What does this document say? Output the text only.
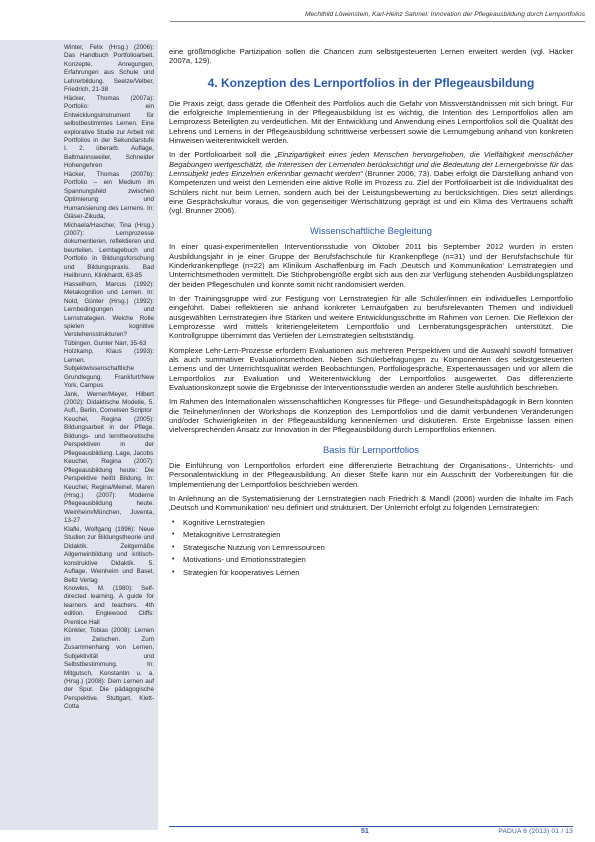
Mechthild Löwenstein, Karl-Heinz Sahmel: Innovation der Pflegeausbildung durch Lernportfolios

Winter, Felix (Hrsg.) (2006): Das Handbuch Portfolioarbeit. Konzepte, Anregungen, Erfahrungen aus Schule und Lehrerbildung. Seelze/Velber, Friedrich, 21-38

Häcker, Thomas (2007a): Portfolio: ein Entwicklungsinstrument für selbstbestimmtes Lernen. Eine explorative Studie zur Arbeit mit Portfolios in der Sekundarstufe I. 2. überarb. Auflage, Baltmannsweiler, Schneider Hohengehren

Häcker, Thomas (2007b): Portfolio – ein Medium im Spannungsfeld zwischen Optimierung und Humanisierung des Lernens. In: Gläser-Zikuda, Michaela/Hascher, Tina (Hrsg.) (2007): Lernprozesse dokumentieren, reflektieren und beurteilen. Lerntagebuch und Portfolio in Bildungsforschung und Bildungspraxis. Bad Heilbrunn, Klinkhardt, 63-85

Hasselhorn, Marcus (1992): Metakognition und Lernen. In: Nold, Günter (Hrsg.) (1992): Lernbedingungen und Lernstrategien. Welche Rolle spielen kognitive Verstehensstrukturen? Tübingen, Gunter Narr, 35-63

Holzkamp, Klaus (1993): Lernen. Subjektwissenschaftliche Grundlegung. Frankfurt/New York, Campus

Jank, Werner/Meyer, Hilbert (2002): Didaktische Modelle, 5. Aufl., Berlin, Cornelsen Scriptor

Keuchel, Regina (2005): Bildungsarbeit in der Pflege. Bildungs- und lerntheoretische Perspektiven in der Pflegeausbildung. Lage, Jacobs

Keuchel, Regina (2007): Pflegeausbildung heute: Die Perspektive heißt Bildung. In: Keuchel, Regina/Meinel, Maren (Hrsg.) (2007): Moderne Pflegeausbildung heute. Weinheim/München, Juventa, 13-27

Klafki, Wolfgang (1996): Neue Studien zur Bildungstheorie und Didaktik. Zeitgemäße Allgemeinbildung und kritisch-konstruktive Didaktik. 5. Auflage, Weinheim und Basel, Beltz Verlag

Knowles, M. (1980): Self-directed learning. A guide for learners and teachers. 4th edition. Englewood Cliffs: Prentice Hall

Künkler, Tobias (2008): Lernen im Zwischen. Zum Zusammenhang von Lernen, Subjektivität und Selbstbestimmung. In: Mitgutsch, Konstantin u. a. (Hrsg.) (2008): Dem Lernen auf der Spur. Die pädagogische Perspektive. Stuttgart, Klett-Cotta

eine größtmögliche Partizipation sollen die Chancen zum selbstgesteuerten Lernen erweitert werden (vgl. Häcker 2007a, 129).

4. Konzeption des Lernportfolios in der Pflegeausbildung

Die Praxis zeigt, dass gerade die Offenheit des Portfolios auch die Gefahr von Missverständnissen mit sich bringt. Für die erfolgreiche Implementierung in der Pflegeausbildung ist es wichtig, die Intention des Lernportfolios allen am Lernprozess Beteiligten zu verdeutlichen. Mit der Entwicklung und Anwendung eines Lernportfolios soll die Qualität des Lehrens und Lernens in der Pflegeausbildung schrittweise verbessert sowie die Lernumgebung anhand von konkreten Hinweisen weiterentwickelt werden.

In der Portfolioarbeit soll die „Einzigartigkeit eines jeden Menschen hervorgehoben, die Vielfältigkeit menschlicher Begabungen wertgeschätzt, die Interessen der Lernenden berücksichtigt und die Bedeutung der Lernergebnisse für das Lernsubjekt jedes Einzelnen erkennbar gemacht werden“ (Brunner 2006, 73). Dabei erfolgt die Darstellung anhand von Kompetenzen und weist den Lernenden eine aktive Rolle im Prozess zu. Ziel der Portfolioarbeit ist die Individualität des Schülers nicht nur beim Lernen, sondern auch bei der Leistungsbewertung zu berücksichtigen. Dies setzt allerdings eine Gesprächskultur voraus, die von gegenseitiger Wertschätzung geprägt ist und ein Klima des Vertrauens schafft (vgl. Brunner 2006).

Wissenschaftliche Begleitung

In einer quasi-experimentellen Interventionsstudie von Oktober 2011 bis September 2012 wurden in ersten Ausbildungsjahr in je einer Gruppe der Berufsfachschule für Krankenpflege (n=31) und der Berufsfachschule für Kinderkrankenpflege (n=22) am Klinikum Aschaffenburg im Fach ‚Deutsch und Kommunikation‘ Lernstrategien und Unterrichtsmethoden vermittelt. Die Stichprobengröße ergibt sich aus den zur Verfügung stehenden Ausbildungsplätzen der beiden Pflegeschulen und konnte somit nicht randomisiert werden.

In der Trainingsgruppe wird zur Festigung von Lernstrategien für alle Schüler/innen ein individuelles Lernportfolio eingeführt. Dabei reflektieren sie anhand konkreter Lernaufgaben zu berufsrelevanten Themen und individuell ausgewählten Lernstrategien ihre Stärken und weitere Entwicklungsschritte im Rahmen von Lernen. Die Reflexion der Lernprozesse wird mittels kriteriengeleitetem Lernportfolio und Lernberatungsgesprächen unterstützt. Die Kontrollgruppe übernimmt das Vertiefen der Lernstrategien selbstständig.

Komplexe Lehr-Lern-Prozesse erfordern Evaluationen aus mehreren Perspektiven und die Auswahl sowohl formativer als auch summativer Evaluationsmethoden. Neben Schülerbefragungen zu Komponenten des selbstgesteuerten Lernens und der Unterrichtsqualität werden Beobachtungen, Portfoliogespräche, Expertenaussagen und vor allem die Lernportfolios zur Evaluation und Weiterentwicklung der Lernportfolios ausgewertet. Das differenzierte Evaluationskonzept sowie die Ergebnisse der Interventionsstudie werden an anderer Stelle ausführlich beschrieben.

Im Rahmen des Internationalen wissenschaftlichen Kongresses für Pflege- und Gesundheitspädagogik in Bern konnten die Teilnehmer/innen der Workshops die Konzeption des Lernportfolios und die damit verbundenen Veränderungen und/oder Schwierigkeiten in der Pflegeausbildung kennenlernen und diskutieren. Erste Ergebnisse lassen einen vielversprechenden Ansatz zur Innovation in der Pflegeausbildung durch Lernportfolios erkennen.

Basis für Lernportfolios

Die Einführung von Lernportfolios erfordert eine differenzierte Betrachtung der Organisations-, Unterrichts- und Personalentwicklung in der Pflegeausbildung. An dieser Stelle kann nur ein Ausschnitt der Vorbereitungen für die Implementierung der Lernportfolios beschrieben werden.

In Anlehnung an die Systematisierung der Lernstrategien nach Friedrich & Mandl (2006) wurden die Inhalte im Fach ‚Deutsch und Kommunikation‘ neu definiert und strukturiert. Der Unterricht erfolgt zu folgenden Lernstrategien:

• Kognitive Lernstrategien
• Metakognitive Lernstrategien
• Strategische Nutzung von Lernressourcen
• Motivations- und Emotionsstrategien
• Strategien für kooperatives Lernen
51	PADUA 8 (2013) 01 / 13
